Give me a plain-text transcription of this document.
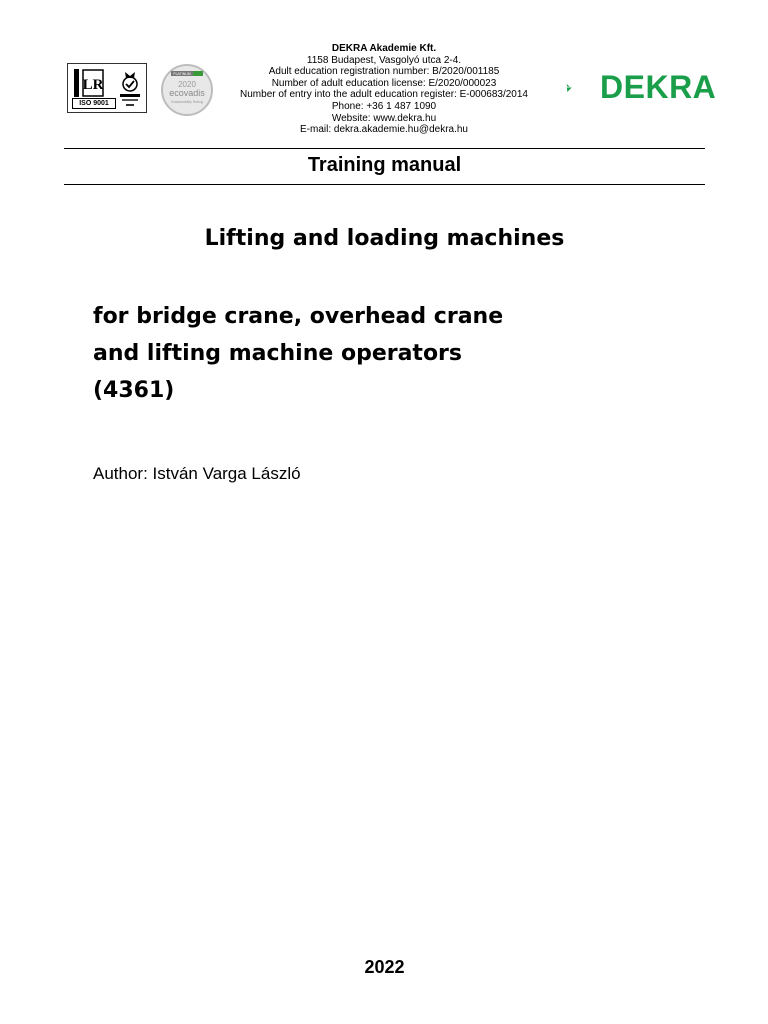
CERTIFIED LR
ISO 9001
PLATINUM
2020
ecovadis
Sustainability Rating
DEKRA Akademie Kft.
1158 Budapest, Vasgolyó utca 2-4.
Adult education registration number: B/2020/001185
Number of adult education license: E/2020/000023
Number of entry into the adult education register: E-000683/2014
Phone: +36 1 487 1090
Website: www.dekra.hu
E-mail: dekra.akademie.hu@dekra.hu
DEKRA
Training manual
Lifting and loading machines
for bridge crane, overhead crane
and lifting machine operators
(4361)
Author: István Varga László
2022
